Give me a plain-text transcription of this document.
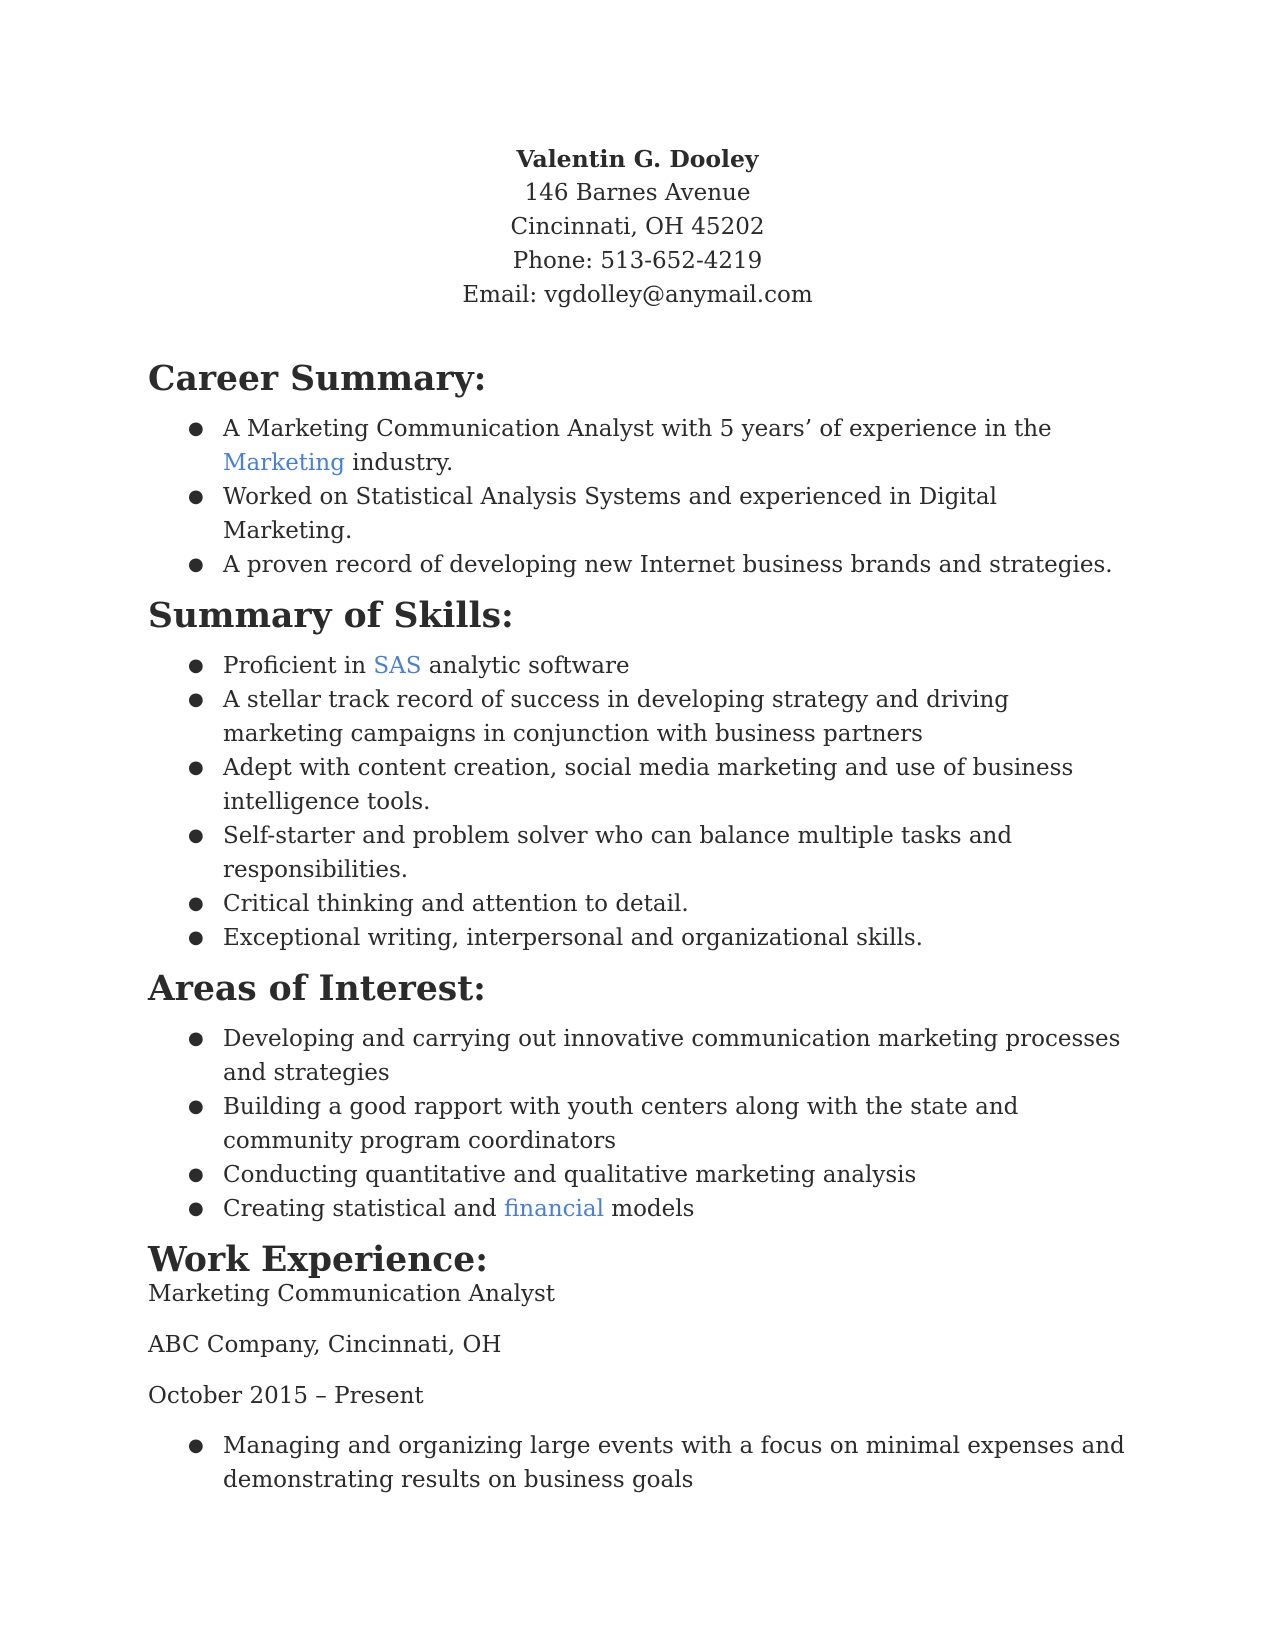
Valentin G. Dooley
146 Barnes Avenue
Cincinnati, OH 45202
Phone: 513-652-4219
Email: vgdolley@anymail.com
Career Summary:
● A Marketing Communication Analyst with 5 years’ of experience in the Marketing industry.
● Worked on Statistical Analysis Systems and experienced in Digital Marketing.
● A proven record of developing new Internet business brands and strategies.
Summary of Skills:
● Proficient in SAS analytic software
● A stellar track record of success in developing strategy and driving marketing campaigns in conjunction with business partners
● Adept with content creation, social media marketing and use of business intelligence tools.
● Self-starter and problem solver who can balance multiple tasks and responsibilities.
● Critical thinking and attention to detail.
● Exceptional writing, interpersonal and organizational skills.
Areas of Interest:
● Developing and carrying out innovative communication marketing processes and strategies
● Building a good rapport with youth centers along with the state and community program coordinators
● Conducting quantitative and qualitative marketing analysis
● Creating statistical and financial models
Work Experience:
Marketing Communication Analyst
ABC Company, Cincinnati, OH
October 2015 – Present
● Managing and organizing large events with a focus on minimal expenses and demonstrating results on business goals
